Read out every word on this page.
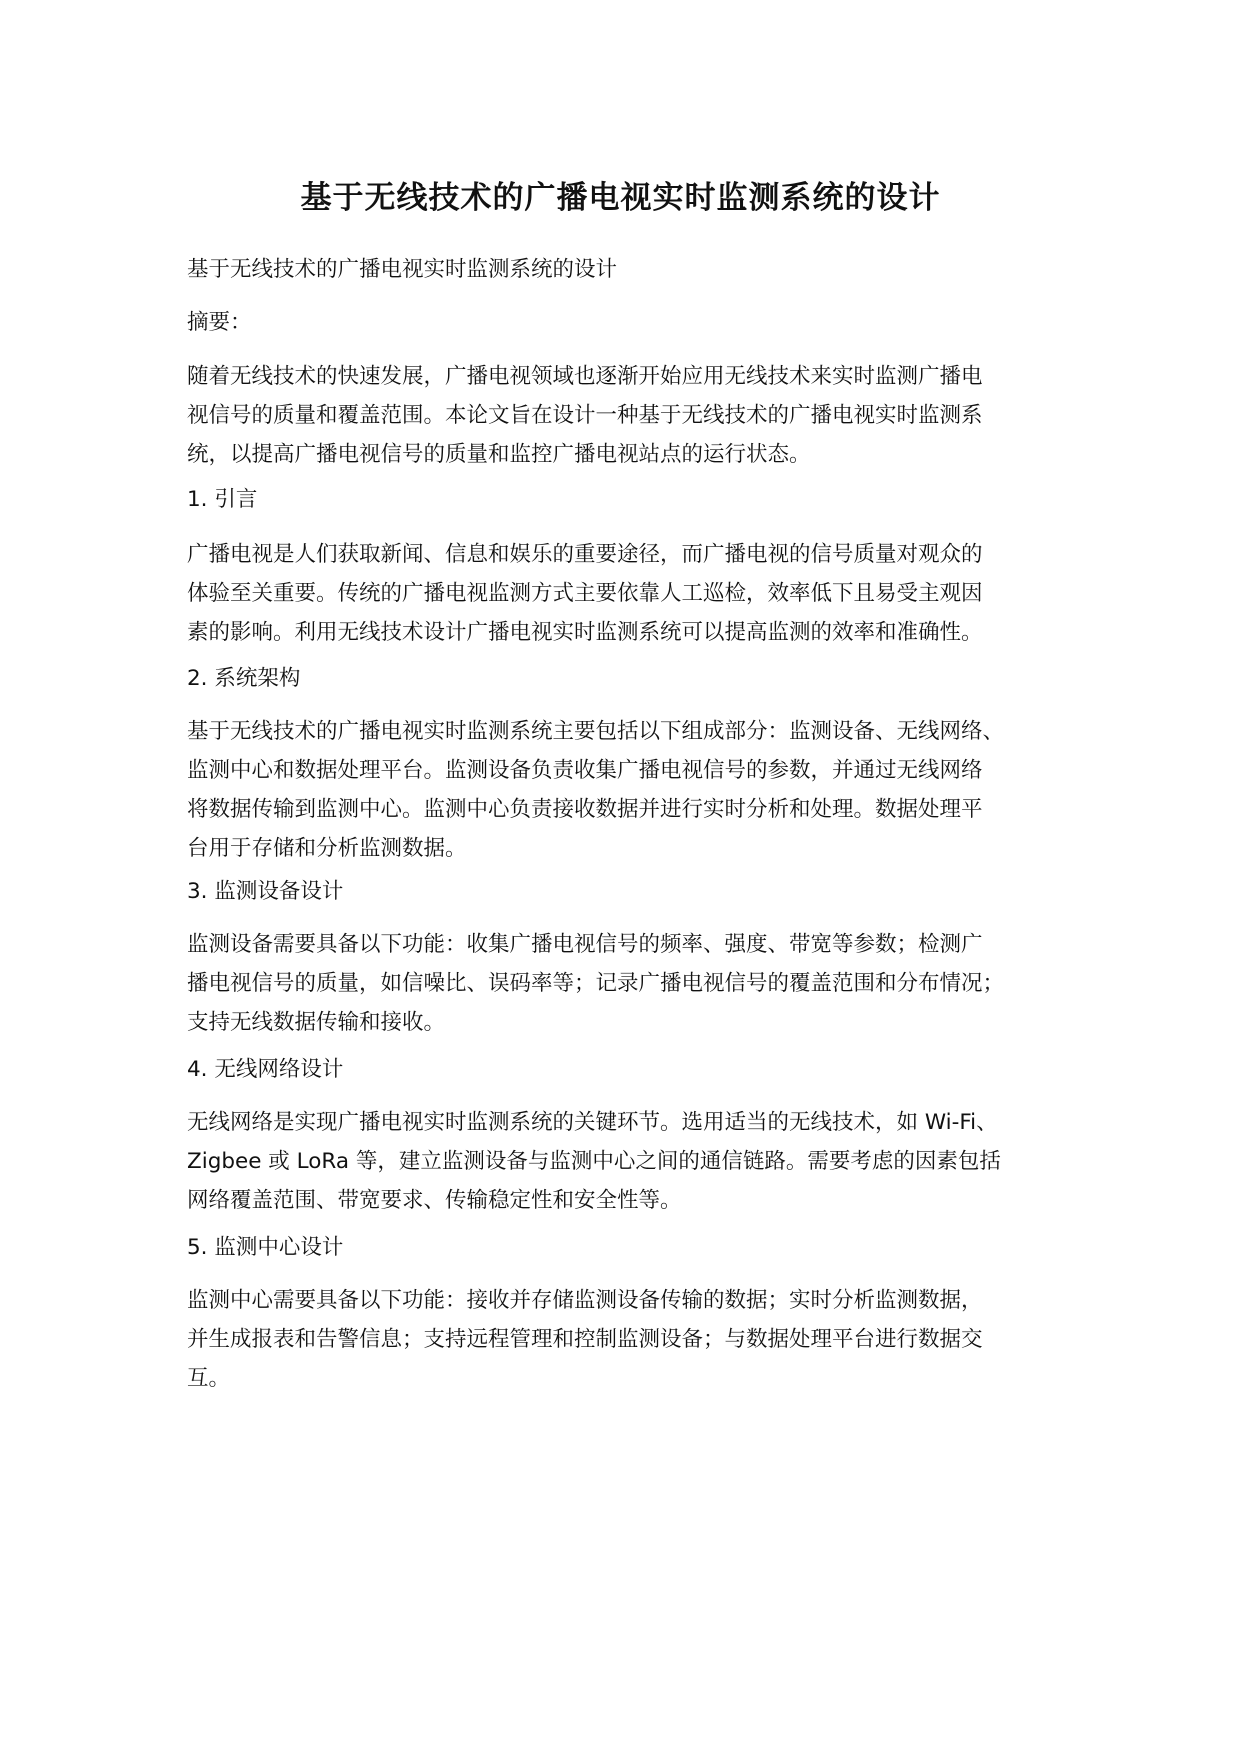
基于无线技术的广播电视实时监测系统的设计
基于无线技术的广播电视实时监测系统的设计
摘要：
随着无线技术的快速发展，广播电视领域也逐渐开始应用无线技术来实时监测广播电
视信号的质量和覆盖范围。本论文旨在设计一种基于无线技术的广播电视实时监测系
统，以提高广播电视信号的质量和监控广播电视站点的运行状态。
1. 引言
广播电视是人们获取新闻、信息和娱乐的重要途径，而广播电视的信号质量对观众的
体验至关重要。传统的广播电视监测方式主要依靠人工巡检，效率低下且易受主观因
素的影响。利用无线技术设计广播电视实时监测系统可以提高监测的效率和准确性。
2. 系统架构
基于无线技术的广播电视实时监测系统主要包括以下组成部分：监测设备、无线网络、
监测中心和数据处理平台。监测设备负责收集广播电视信号的参数，并通过无线网络
将数据传输到监测中心。监测中心负责接收数据并进行实时分析和处理。数据处理平
台用于存储和分析监测数据。
3. 监测设备设计
监测设备需要具备以下功能：收集广播电视信号的频率、强度、带宽等参数；检测广
播电视信号的质量，如信噪比、误码率等；记录广播电视信号的覆盖范围和分布情况；
支持无线数据传输和接收。
4. 无线网络设计
无线网络是实现广播电视实时监测系统的关键环节。选用适当的无线技术，如 Wi-Fi、
Zigbee 或 LoRa 等，建立监测设备与监测中心之间的通信链路。需要考虑的因素包括
网络覆盖范围、带宽要求、传输稳定性和安全性等。
5. 监测中心设计
监测中心需要具备以下功能：接收并存储监测设备传输的数据；实时分析监测数据，
并生成报表和告警信息；支持远程管理和控制监测设备；与数据处理平台进行数据交
互。
